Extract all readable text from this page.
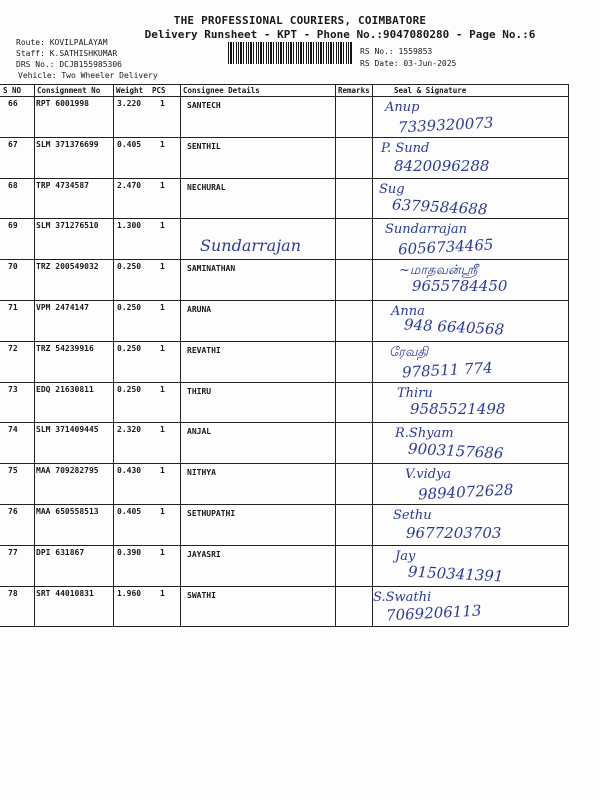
THE PROFESSIONAL COURIERS, COIMBATORE
Delivery Runsheet - KPT - Phone No.:9047080280 - Page No.:6
Route: KOVILPALAYAM
Staff: K.SATHISHKUMAR
DRS No.: DCJB155985306
Vehicle: Two Wheeler Delivery
RS No.: 1559853
RS Date: 03-Jun-2025
S NO Consignment No Weight PCS Consignee Details	Remarks	Seal & Signature
66 RPT 6001998	3.220 1	SANTECH	Anup
7339320073
67 SLM 371376699 0.405 1	SENTHIL	P. Sund
8420096288
68 TRP 4734587	2.470 1	NECHURAL	Sug
6379584688
69 SLM 371276510 1.300 1	Sundarrajan
6056734465
70 TRZ 200549032 0.250 1	SAMINATHAN	~மாதவன்ஸ்ரீ
9655784450
71 VPM 2474147	0.250 1	ARUNA	Anna
948 6640568
72 TRZ 54239916	0.250 1	REVATHI	ரேவதி
978511 774
73 EDQ 21630811	0.250 1	THIRU	Thiru
9585521498
74 SLM 371409445 2.320 1	ANJAL	R.Shyam
9003157686
75 MAA 709282795 0.430 1	NITHYA	V.vidya
9894072628
76 MAA 650558513 0.405 1	SETHUPATHI	Sethu
9677203703
77 DPI 631867	0.390 1	JAYASRI	Jay
9150341391
78 SRT 44010831	1.960 1	SWATHI	S.Swathi
7069206113
Sundarrajan
